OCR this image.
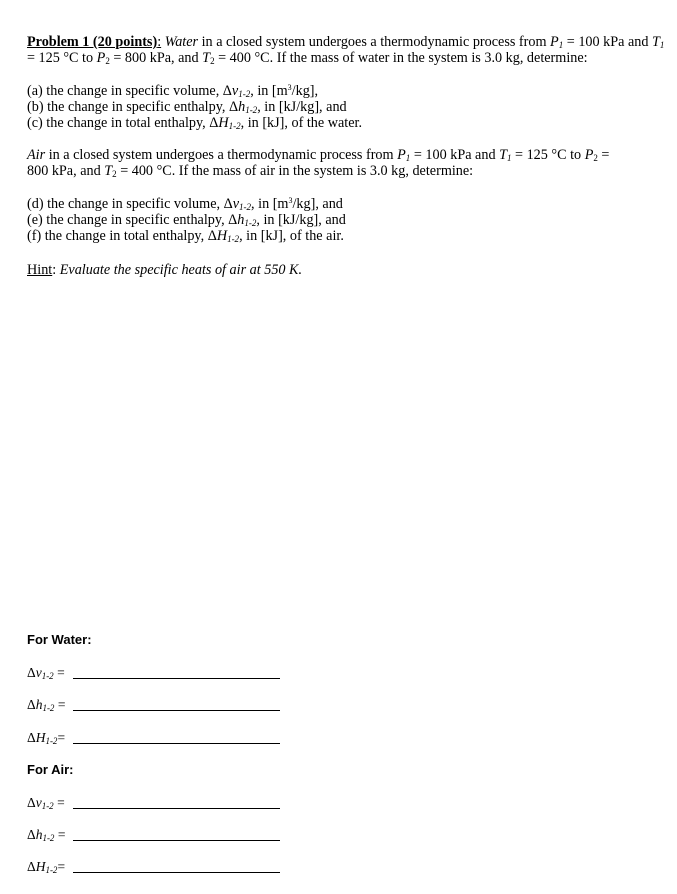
Problem 1 (20 points): Water in a closed system undergoes a thermodynamic process from $P_1 = 100$ kPa and $T_1$
= 125 °C to $P_2 = 800$ kPa, and $T_2 = 400$ °C. If the mass of water in the system is 3.0 kg, determine:
(a) the change in specific volume, $\Delta v_{1-2}$, in $[m^3/kg]$,
(b) the change in specific enthalpy, $\Delta h_{1-2}$, in [kJ/kg], and
(c) the change in total enthalpy, $\Delta H_{1-2}$, in [kJ], of the water.
Air in a closed system undergoes a thermodynamic process from $P_1 = 100$ kPa and $T_1 = 125$ °C to $P_2$ =
800 kPa, and $T_2 = 400$ °C. If the mass of air in the system is 3.0 kg, determine:
(d) the change in specific volume, $\Delta v_{1-2}$, in $[m^3/kg]$, and
(e) the change in specific enthalpy, $\Delta h_{1-2}$, in [kJ/kg], and
(f) the change in total enthalpy, $\Delta H_{1-2}$, in [kJ], of the air.
Hint: Evaluate the specific heats of air at 550 K.
For Water:
$\Delta v_{1-2}$ =
$\Delta h_{1-2}$ =
$\Delta H_{1-2}=$
For Air:
$\Delta v_{1-2}$ =
$\Delta h_{1-2}$ =
$\Delta H_{1-2}=$
